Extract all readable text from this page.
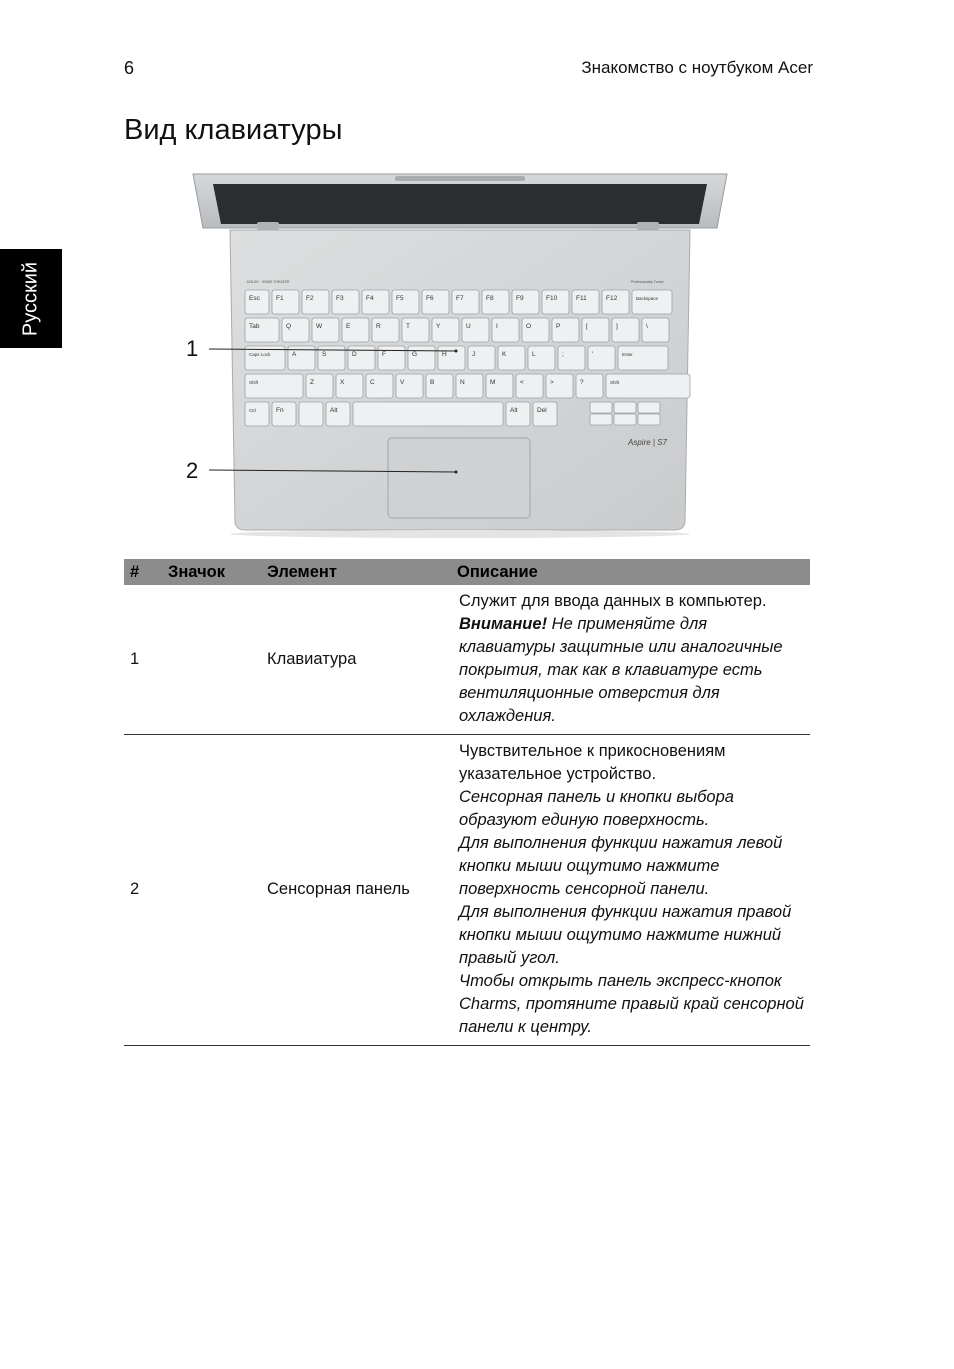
6	Знакомство с ноутбуком Acer
Русский
Вид клавиатуры
DOLBY · HOME THEATER	Professionally Tuned
Esc F1	F2	F3	F4	F5	F6	F7	F8	F9	F10	F11	F12	Backspace
Tab	Q	W	E	R	T	Y	U	I	O	P	[	]	\
Caps Lock	A	S	D	F	G	H	J	K	L	;	'	Enter
Shift	Z	X	C	V	B	N	M	<	>	?	Shift
Ctrl	Fn	Alt	Alt	Del
Aspire | S7
1
2
#	Значок	Элемент	Описание
1		Клавиатура	Служит для ввода данных в компьютер.

Внимание! Не применяйте для клавиатуры защитные или аналогичные покрытия, так как в клавиатуре есть вентиляционные отверстия для охлаждения.

2		Сенсорная панель	Чувствительное к прикосновениям указательное устройство.

Сенсорная панель и кнопки выбора образуют единую поверхность.

Для выполнения функции нажатия левой кнопки мыши ощутимо нажмите поверхность сенсорной панели.

Для выполнения функции нажатия правой кнопки мыши ощутимо нажмите нижний правый угол.

Чтобы открыть панель экспресс-кнопок Charms, протяните правый край сенсорной панели к центру.
